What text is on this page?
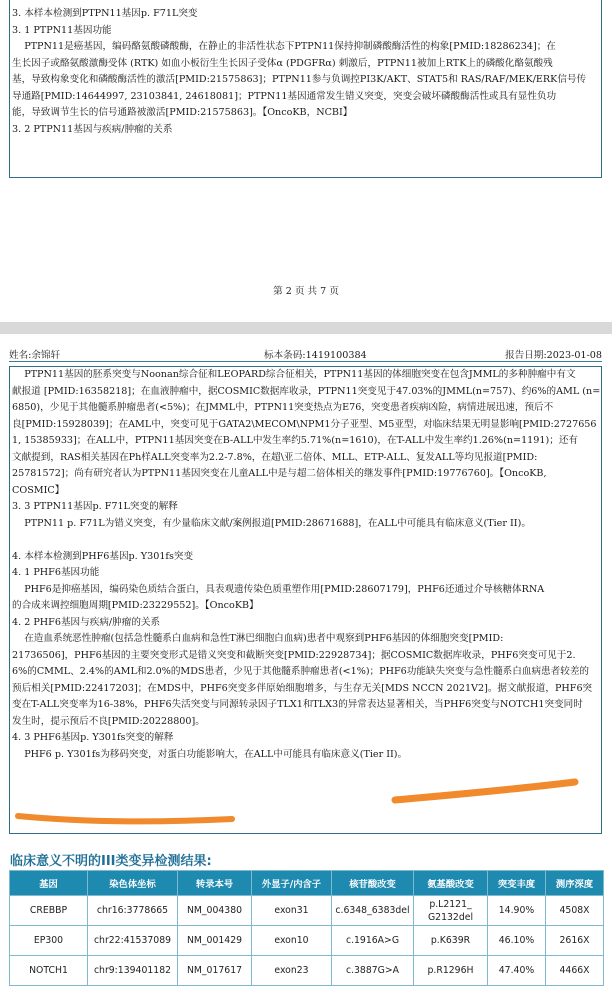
3. 本样本检测到PTPN11基因p. F71L突变
3. 1 PTPN11基因功能
PTPN11是癌基因，编码酪氨酸磷酸酶，在静止的非活性状态下PTPN11保持抑制磷酸酶活性的构象[PMID:18286234]；在
生长因子或酪氨酸激酶受体 (RTK) 如血小板衍生生长因子受体α (PDGFRα) 刺激后，PTPN11被加上RTK上的磷酸化酪氨酸残
基，导致构象变化和磷酸酶活性的激活[PMID:21575863]；PTPN11参与负调控PI3K/AKT、STAT5和 RAS/RAF/MEK/ERK信号传
导通路[PMID:14644997, 23103841, 24618081]；PTPN11基因通常发生错义突变，突变会破坏磷酸酶活性或具有显性负功
能，导致调节生长的信号通路被激活[PMID:21575863]。【OncoKB，NCBI】
3. 2 PTPN11基因与疾病/肿瘤的关系
第 2 页 共 7 页
姓名:余锦轩	标本条码:1419100384	报告日期:2023-01-08
PTPN11基因的胚系突变与Noonan综合征和LEOPARD综合征相关，PTPN11基因的体细胞突变在包含JMML的多种肿瘤中有文
献报道 [PMID:16358218]；在血液肿瘤中，据COSMIC数据库收录，PTPN11突变见于47.03%的JMML(n=757)、约6%的AML (n=
6850)，少见于其他髓系肿瘤患者(<5%)；在JMML中，PTPN11突变热点为E76，突变患者疾病凶险，病情进展迅速，预后不
良[PMID:15928039]；在AML中，突变可见于GATA2\MECOM\NPM1分子亚型、M5亚型，对临床结果无明显影响[PMID:2727656
1, 15385933]；在ALL中，PTPN11基因突变在B-ALL中发生率约5.71%(n=1610)，在T-ALL中发生率约1.26%(n=1191)；还有
文献提到，RAS相关基因在Ph样ALL突变率为2.2-7.8%，在超\亚二倍体、MLL、ETP-ALL、复发ALL等均见报道[PMID:
25781572]；尚有研究者认为PTPN11基因突变在儿童ALL中是与超二倍体相关的继发事件[PMID:19776760]。【OncoKB,
COSMIC】
3. 3 PTPN11基因p. F71L突变的解释
PTPN11 p. F71L为错义突变，有少量临床文献/案例报道[PMID:28671688]，在ALL中可能具有临床意义(Tier II)。
4. 本样本检测到PHF6基因p. Y301fs突变
4. 1 PHF6基因功能
PHF6是抑癌基因，编码染色质结合蛋白，具表观遗传染色质重塑作用[PMID:28607179]，PHF6还通过介导核糖体RNA
的合成来调控细胞周期[PMID:23229552]。【OncoKB】
4. 2 PHF6基因与疾病/肿瘤的关系
在造血系统恶性肿瘤(包括急性髓系白血病和急性T淋巴细胞白血病)患者中观察到PHF6基因的体细胞突变[PMID:
21736506]，PHF6基因的主要突变形式是错义突变和截断突变[PMID:22928734]；据COSMIC数据库收录，PHF6突变可见于2.
6%的CMML、2.4%的AML和2.0%的MDS患者，少见于其他髓系肿瘤患者(<1%)；PHF6功能缺失突变与急性髓系白血病患者较差的
预后相关[PMID:22417203]；在MDS中，PHF6突变多伴原始细胞增多，与生存无关[MDS NCCN 2021V2]。据文献报道，PHF6突
变在T-ALL突变率为16-38%，PHF6失活突变与同源转录因子TLX1和TLX3的异常表达显著相关，当PHF6突变与NOTCH1突变同时
发生时，提示预后不良[PMID:20228800]。
4. 3 PHF6基因p. Y301fs突变的解释
PHF6 p. Y301fs为移码突变，对蛋白功能影响大，在ALL中可能具有临床意义(Tier II)。
临床意义不明的III类变异检测结果:
基因	染色体坐标	转录本号	外显子/内含子	核苷酸改变	氨基酸改变	突变丰度	测序深度
CREBBP	chr16:3778665	NM_004380	exon31	c.6348_6383del	p.L2121_
G2132del	14.90%	4508X
EP300	chr22:41537089	NM_001429	exon10	c.1916A>G	p.K639R	46.10%	2616X
NOTCH1	chr9:139401182	NM_017617	exon23	c.3887G>A	p.R1296H	47.40%	4466X
